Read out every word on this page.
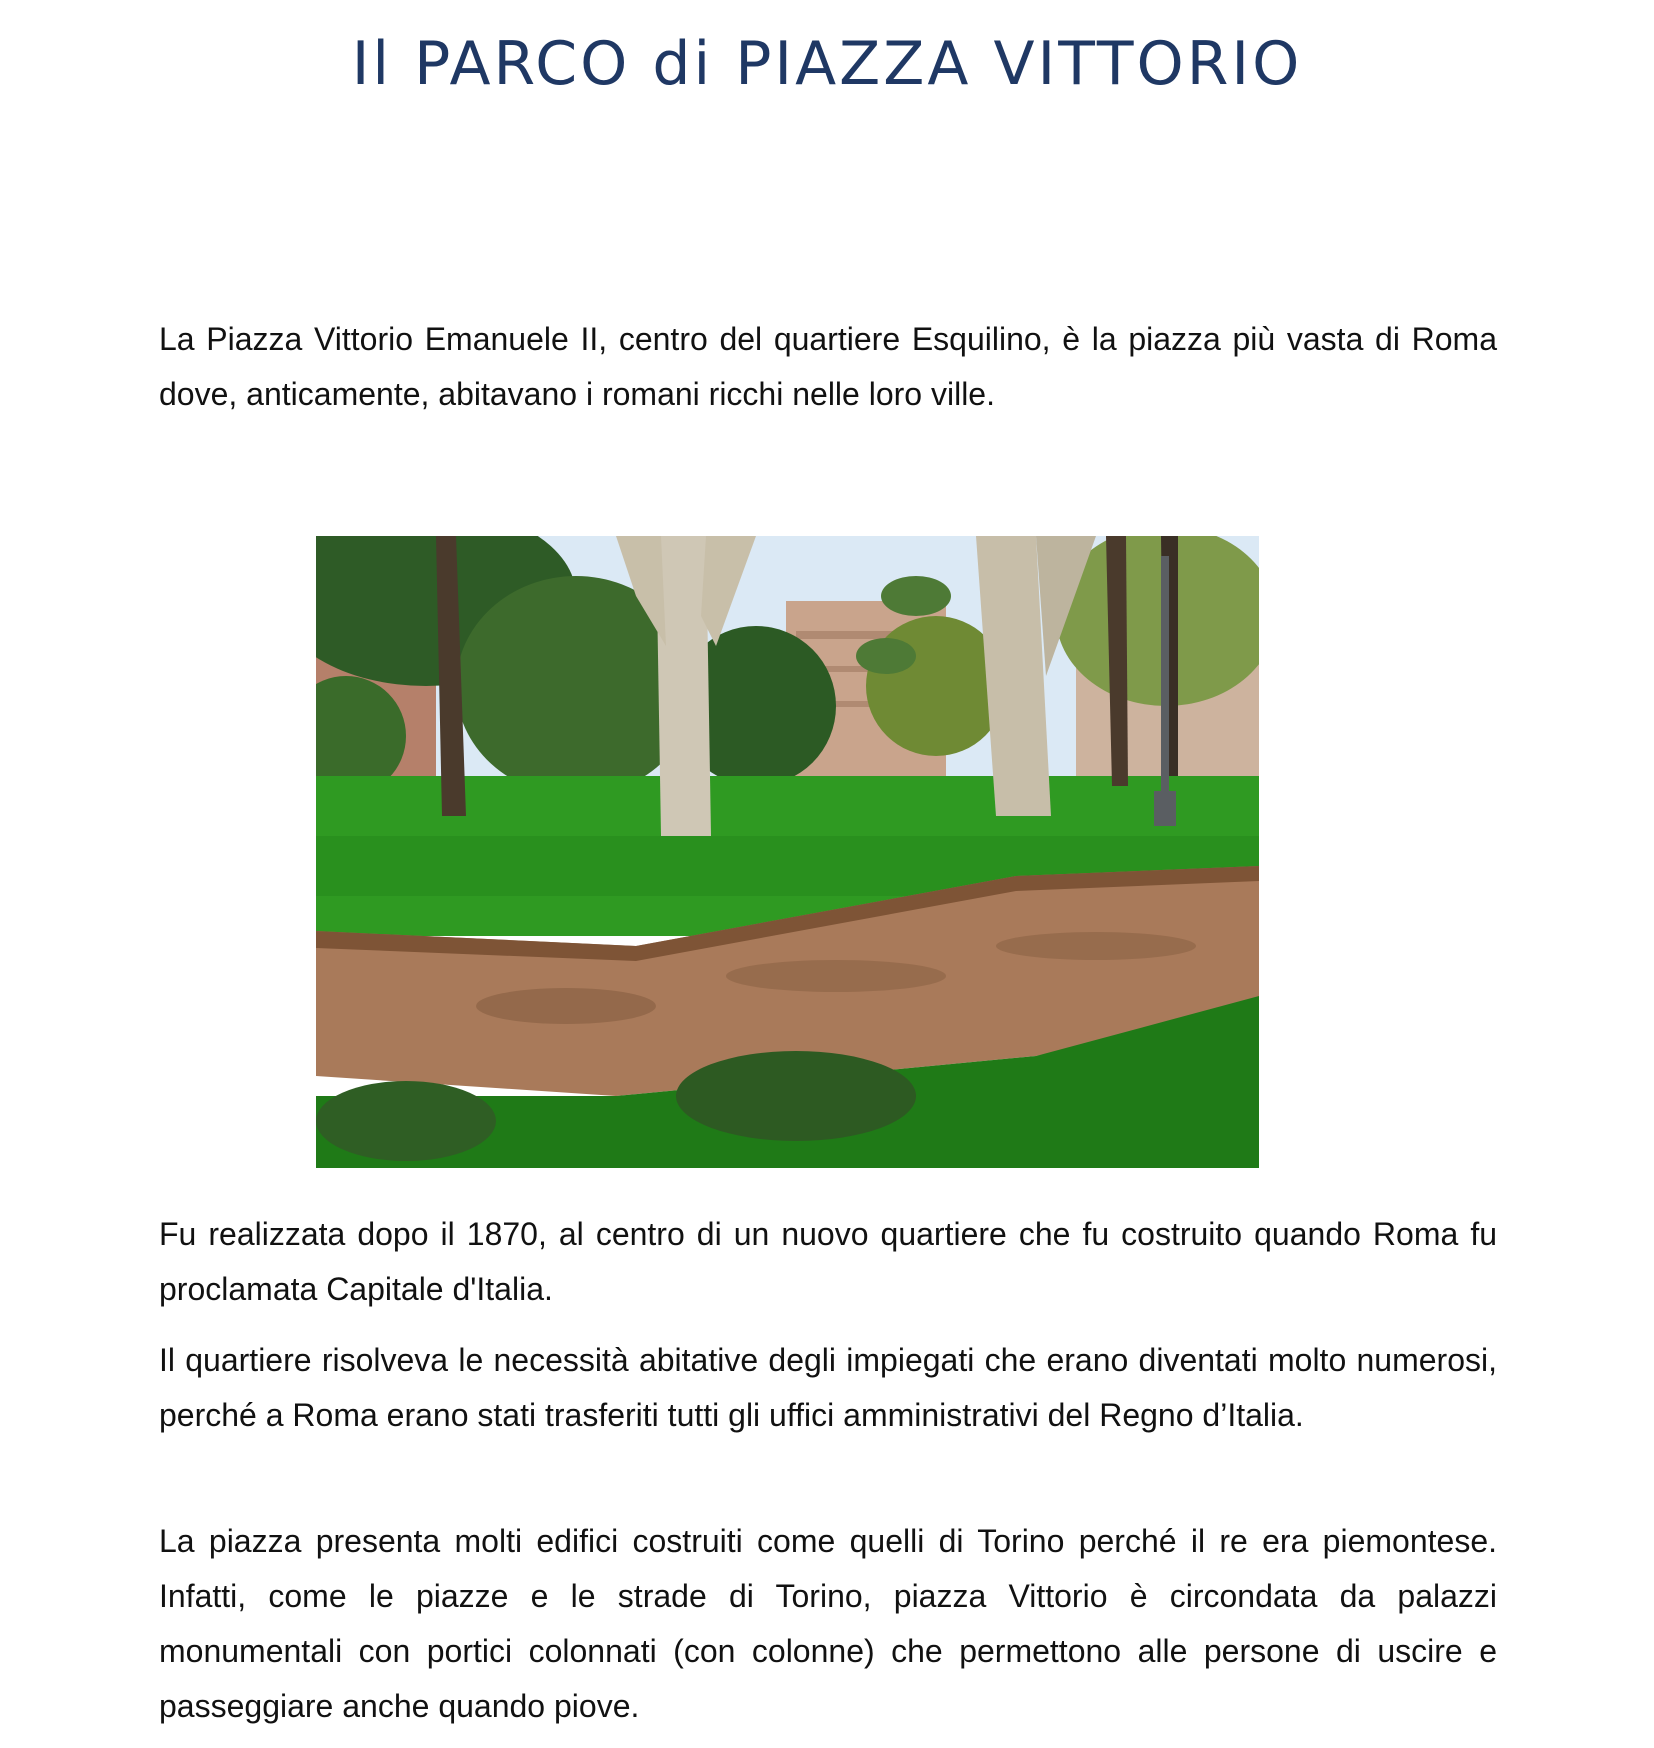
Il PARCO di PIAZZA VITTORIO

La Piazza Vittorio Emanuele II, centro del quartiere Esquilino, è la piazza più vasta di Roma dove, anticamente, abitavano i romani ricchi nelle loro ville.

Fu realizzata dopo il 1870, al centro di un nuovo quartiere che fu costruito quando Roma fu proclamata Capitale d'Italia.

Il quartiere risolveva le necessità abitative degli impiegati che erano diventati molto numerosi, perché a Roma erano stati trasferiti tutti gli uffici amministrativi del Regno d’Italia.

La piazza presenta molti edifici costruiti come quelli di Torino perché il re era piemontese. Infatti, come le piazze e le strade di Torino, piazza Vittorio è circondata da palazzi monumentali con portici colonnati (con colonne) che permettono alle persone di uscire e passeggiare anche quando piove.
